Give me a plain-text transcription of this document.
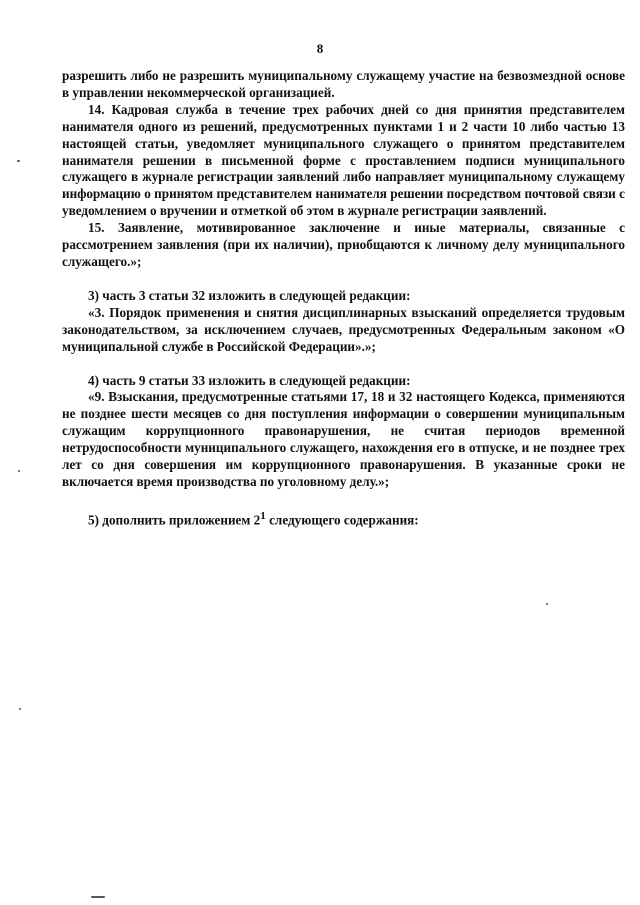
8

разрешить либо не разрешить муниципальному служащему участие на безвозмездной основе в управлении некоммерческой организацией.

14. Кадровая служба в течение трех рабочих дней со дня принятия представителем нанимателя одного из решений, предусмотренных пунктами 1 и 2 части 10 либо частью 13 настоящей статьи, уведомляет муниципального служащего о принятом представителем нанимателя решении в письменной форме с проставлением подписи муниципального служащего в журнале регистрации заявлений либо направляет муниципальному служащему информацию о принятом представителем нанимателя решении посредством почтовой связи с уведомлением о вручении и отметкой об этом в журнале регистрации заявлений.

15. Заявление, мотивированное заключение и иные материалы, связанные с рассмотрением заявления (при их наличии), приобщаются к личному делу муниципального служащего.»;

3) часть 3 статьи 32 изложить в следующей редакции:

«3. Порядок применения и снятия дисциплинарных взысканий определяется трудовым законодательством, за исключением случаев, предусмотренных Федеральным законом «О муниципальной службе в Российской Федерации».»;

4) часть 9 статьи 33 изложить в следующей редакции:

«9. Взыскания, предусмотренные статьями 17, 18 и 32 настоящего Кодекса, применяются не позднее шести месяцев со дня поступления информации о совершении муниципальным служащим коррупционного правонарушения, не считая периодов временной нетрудоспособности муниципального служащего, нахождения его в отпуске, и не позднее трех лет со дня совершения им коррупционного правонарушения. В указанные сроки не включается время производства по уголовному делу.»;

5) дополнить приложением $2^1$ следующего содержания:
